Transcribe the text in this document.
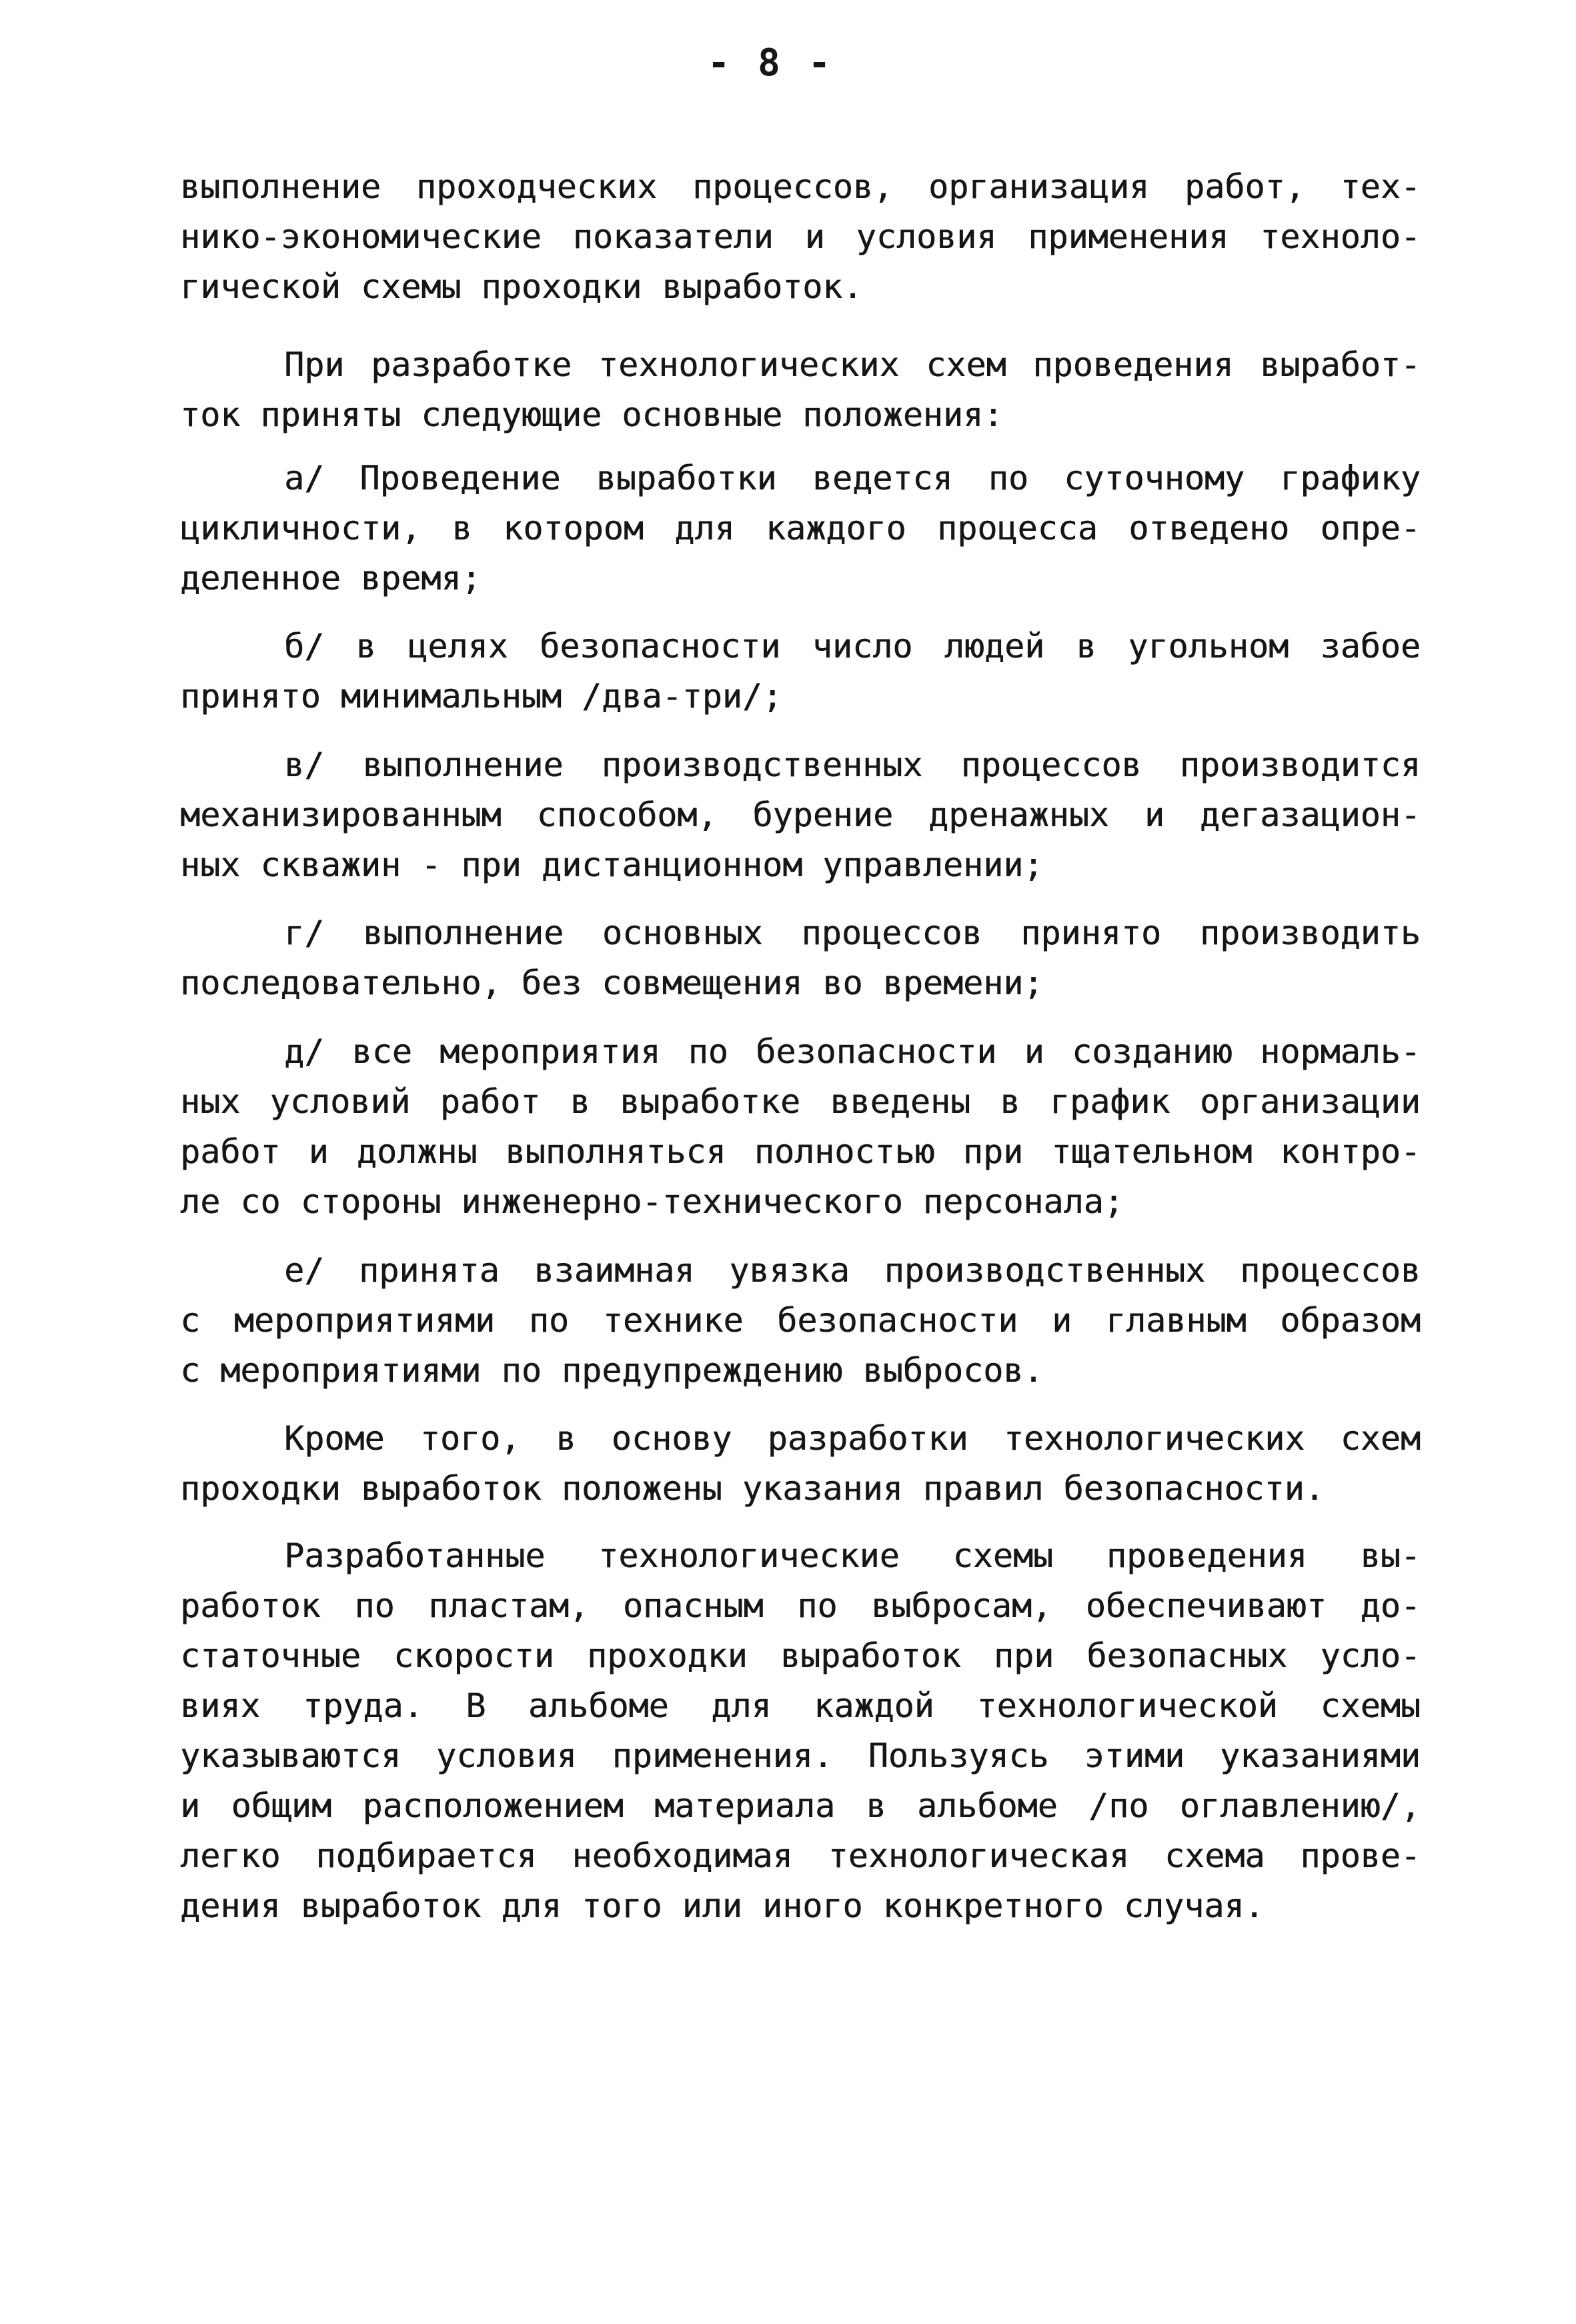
- 8 -
выполнение проходческих процессов, организация работ, тех-
нико-экономические показатели и условия применения техноло-
гической схемы проходки выработок.
При разработке технологических схем проведения выработ-
ток приняты следующие основные положения:
а/ Проведение выработки ведется по суточному графику
цикличности, в котором для каждого процесса отведено опре-
деленное время;
б/ в целях безопасности число людей в угольном забое
принято минимальным /два-три/;
в/ выполнение производственных процессов производится
механизированным способом, бурение дренажных и дегазацион-
ных скважин - при дистанционном управлении;
г/ выполнение основных процессов принято производить
последовательно, без совмещения во времени;
д/ все мероприятия по безопасности и созданию нормаль-
ных условий работ в выработке введены в график организации
работ и должны выполняться полностью при тщательном контро-
ле со стороны инженерно-технического персонала;
е/ принята взаимная увязка производственных процессов
с мероприятиями по технике безопасности и главным образом
с мероприятиями по предупреждению выбросов.
Кроме того, в основу разработки технологических схем
проходки выработок положены указания правил безопасности.
Разработанные технологические схемы проведения вы-
работок по пластам, опасным по выбросам, обеспечивают до-
статочные скорости проходки выработок при безопасных усло-
виях труда. В альбоме для каждой технологической схемы
указываются условия применения. Пользуясь этими указаниями
и общим расположением материала в альбоме /по оглавлению/,
легко подбирается необходимая технологическая схема прове-
дения выработок для того или иного конкретного случая.
